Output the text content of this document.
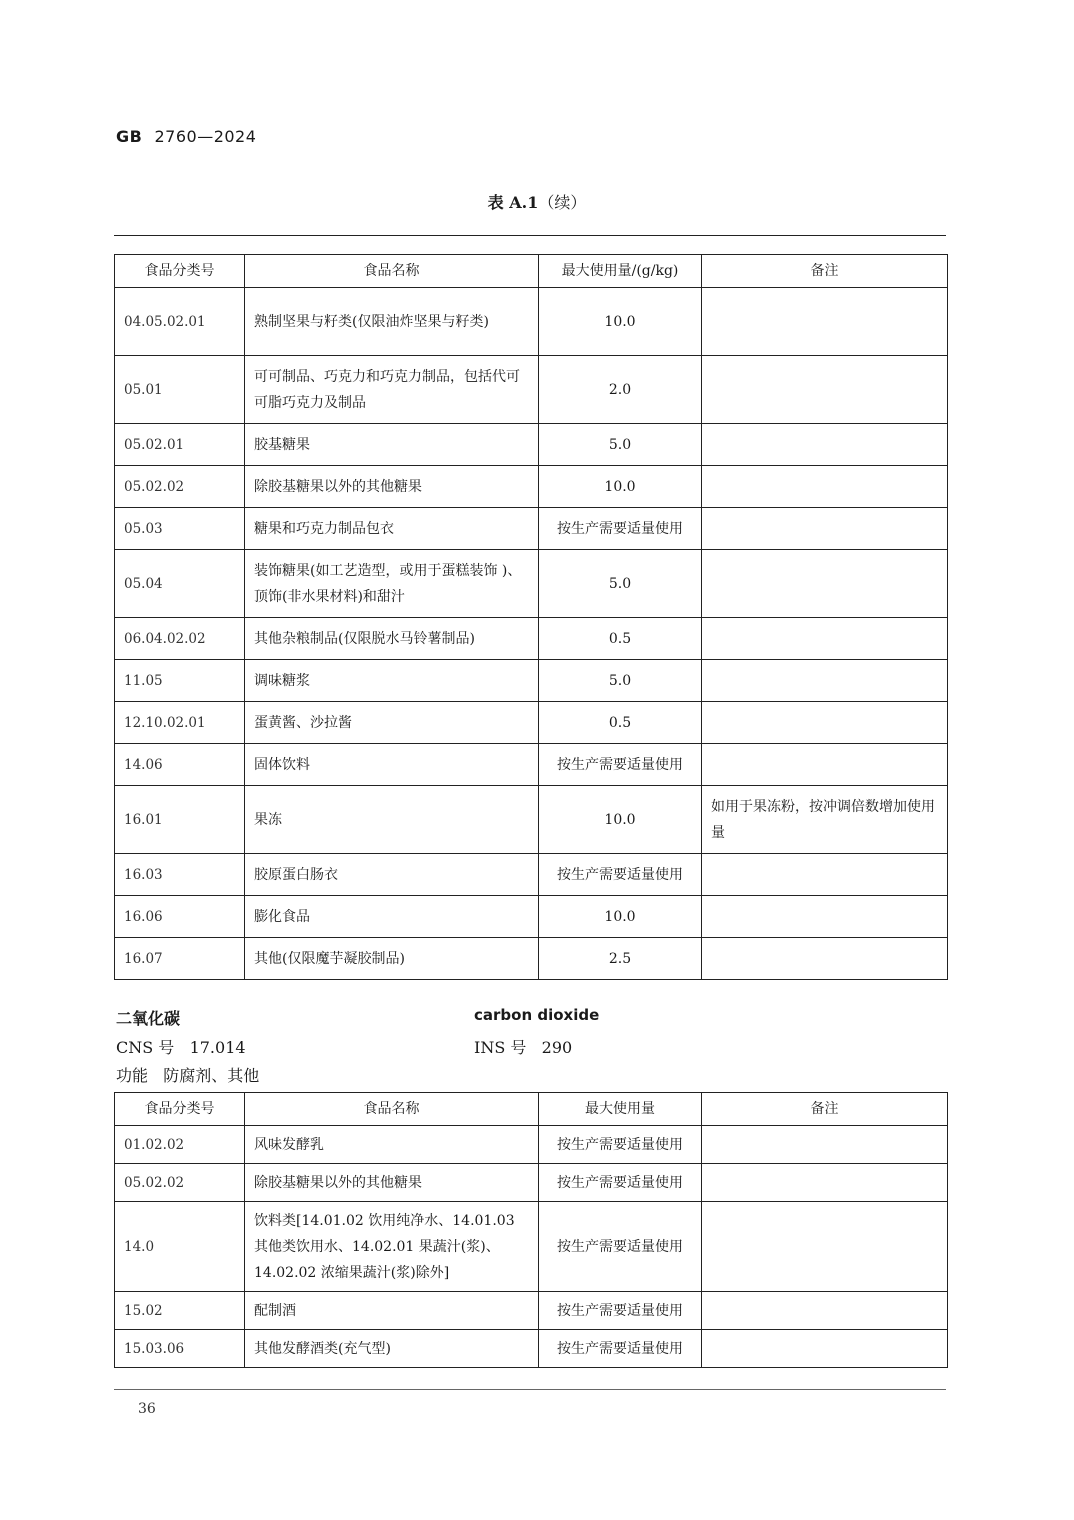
GB 2760—2024
表 A.1（续）
食品分类号	食品名称	最大使用量/(g/kg)	备注
04.05.02.01	熟制坚果与籽类(仅限油炸坚果与籽类)	10.0	
05.01	可可制品、巧克力和巧克力制品，包括代可可脂巧克力及制品	2.0	
05.02.01	胶基糖果	5.0	
05.02.02	除胶基糖果以外的其他糖果	10.0	
05.03	糖果和巧克力制品包衣	按生产需要适量使用	
05.04	装饰糖果(如工艺造型，或用于蛋糕装饰 )、顶饰(非水果材料)和甜汁	5.0	
06.04.02.02	其他杂粮制品(仅限脱水马铃薯制品)	0.5	
11.05	调味糖浆	5.0	
12.10.02.01	蛋黄酱、沙拉酱	0.5	
14.06	固体饮料	按生产需要适量使用	
16.01	果冻	10.0	如用于果冻粉，按冲调倍数增加使用量
16.03	胶原蛋白肠衣	按生产需要适量使用	
16.06	膨化食品	10.0	
16.07	其他(仅限魔芋凝胶制品)	2.5	
二氧化碳	carbon dioxide
CNS 号 17.014	INS 号 290
功能 防腐剂、其他
食品分类号	食品名称	最大使用量	备注
01.02.02	风味发酵乳	按生产需要适量使用	
05.02.02	除胶基糖果以外的其他糖果	按生产需要适量使用	
14.0	饮料类[14.01.02 饮用纯净水、14.01.03 其他类饮用水、14.02.01 果蔬汁(浆)、14.02.02 浓缩果蔬汁(浆)除外]	按生产需要适量使用	
15.02	配制酒	按生产需要适量使用	
15.03.06	其他发酵酒类(充气型)	按生产需要适量使用	
36
